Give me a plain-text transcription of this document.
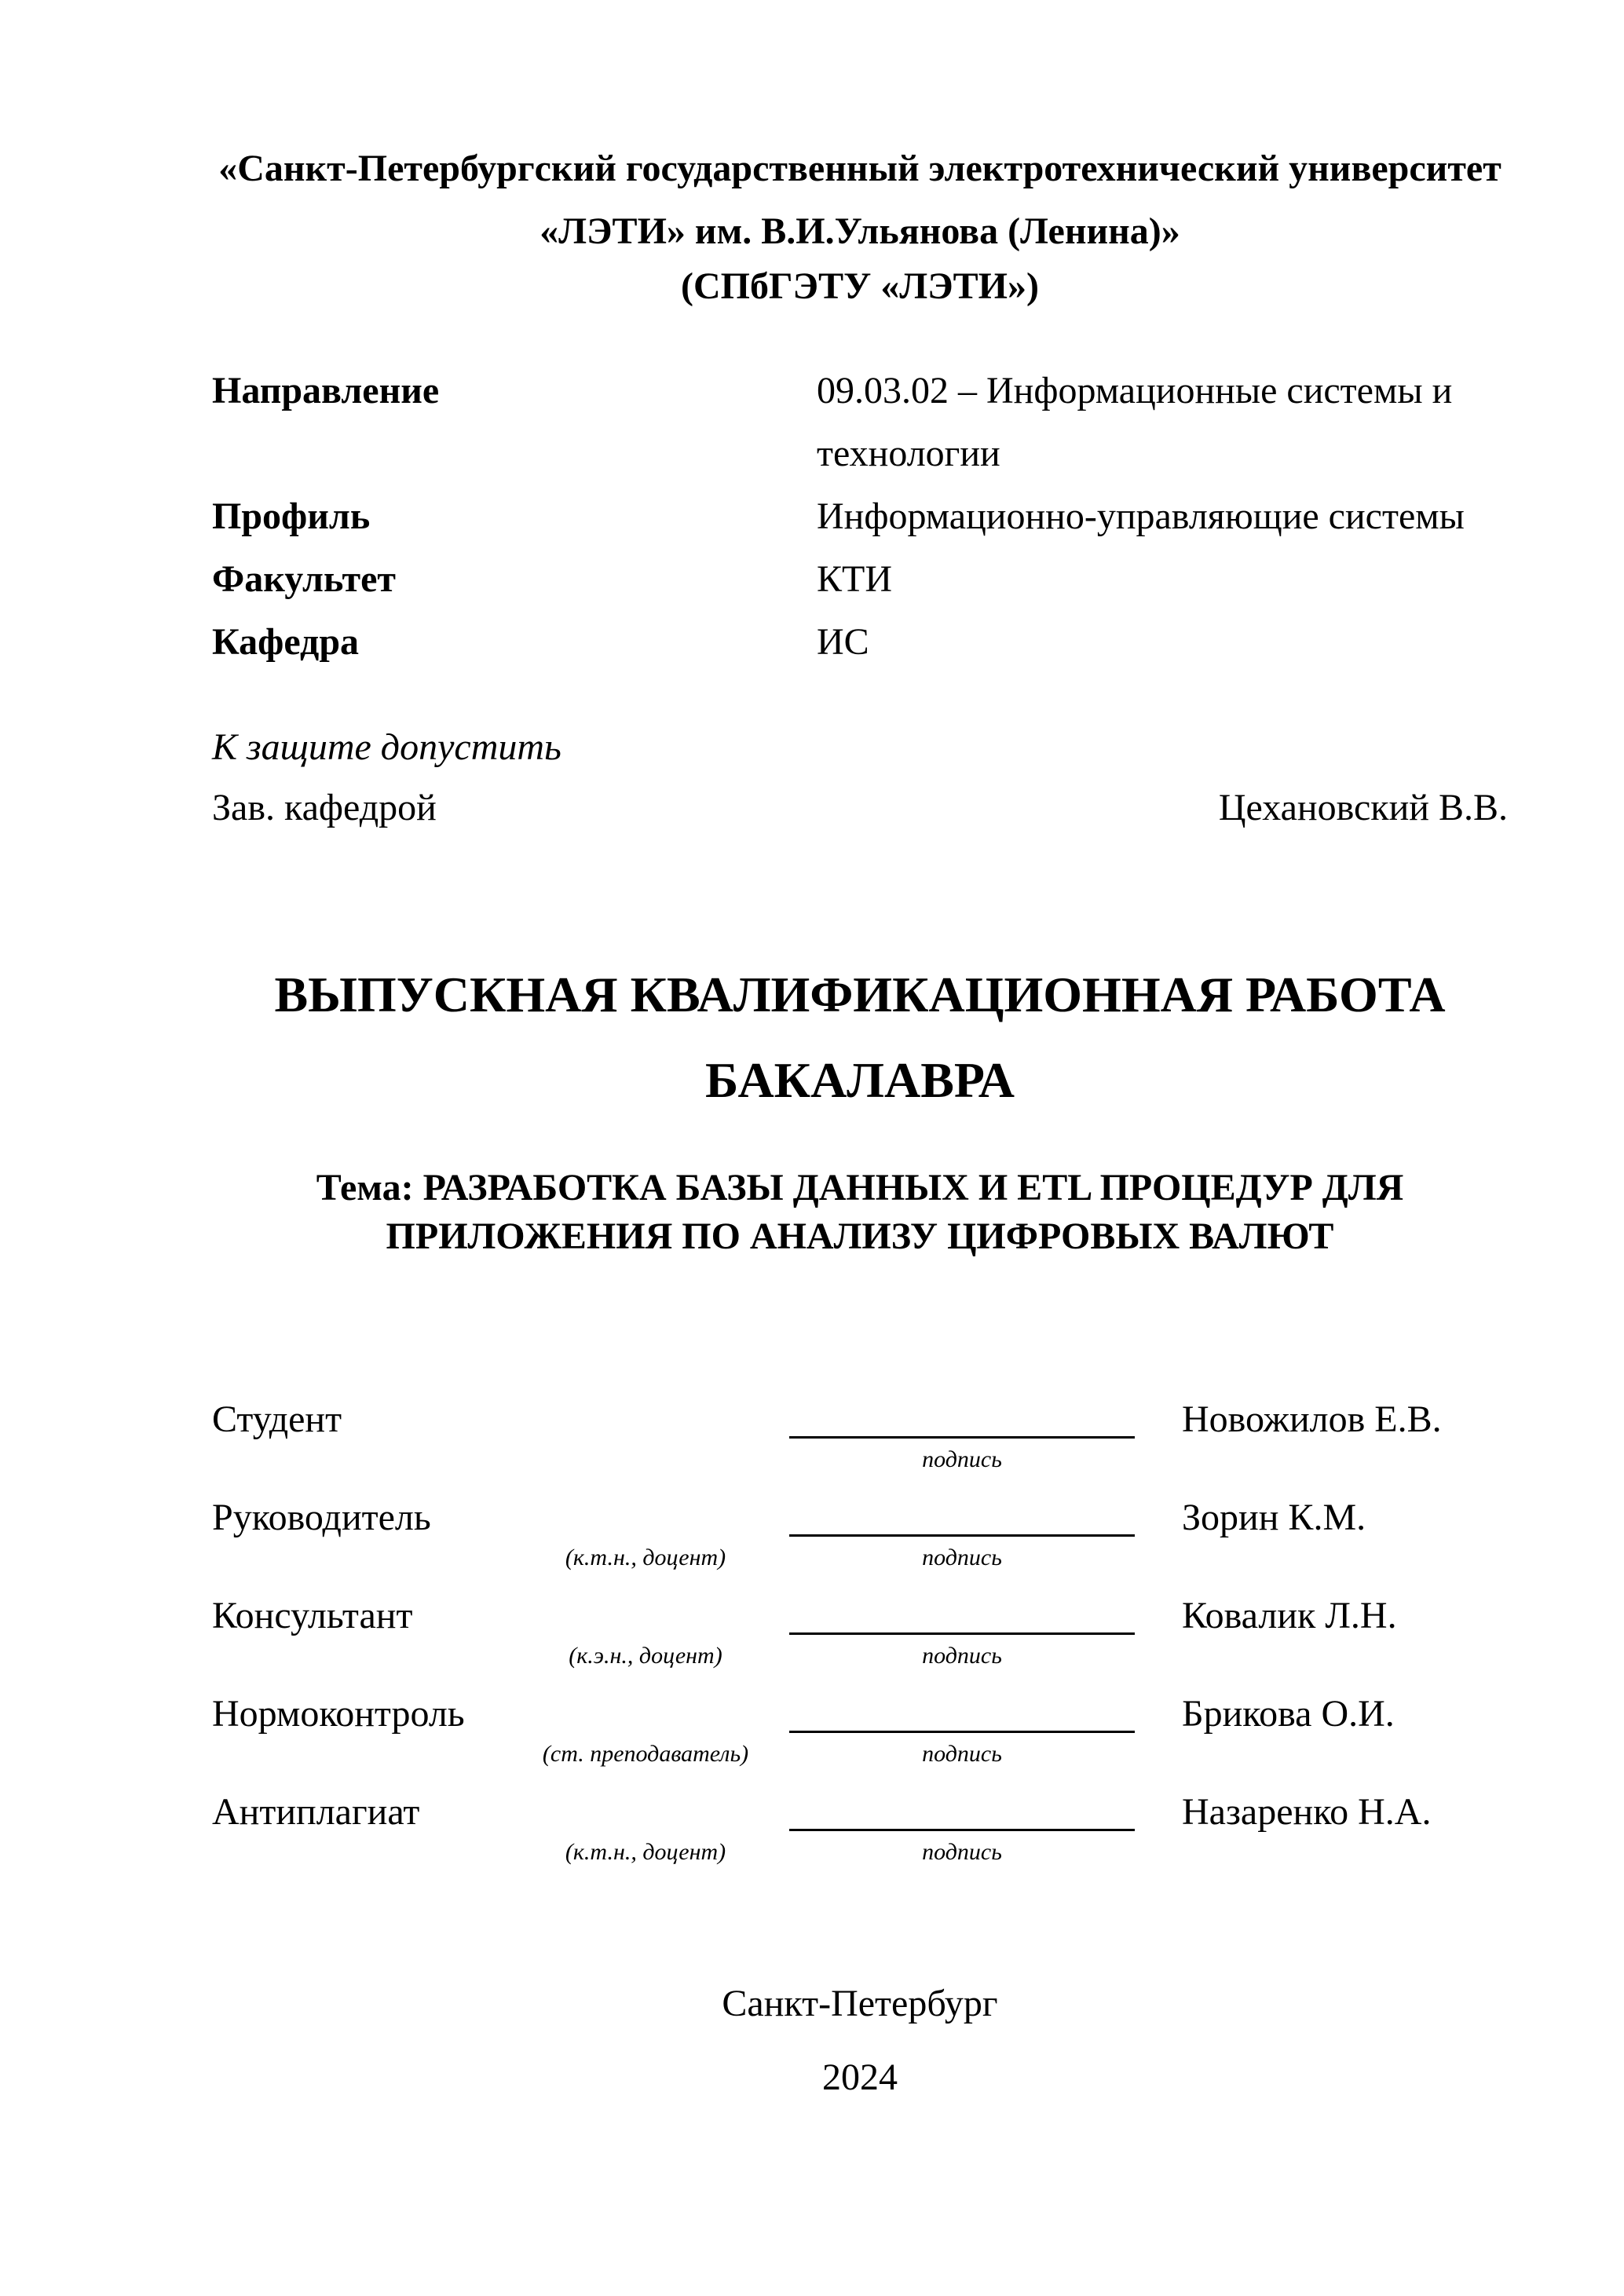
«Санкт-Петербургский государственный электротехнический университет
«ЛЭТИ» им. В.И.Ульянова (Ленина)»
(СПбГЭТУ «ЛЭТИ»)
Направление	09.03.02 – Информационные системы и технологии
Профиль	Информационно-управляющие системы
Факультет	КТИ
Кафедра	ИС
К защите допустить
Зав. кафедрой	Цехановский В.В.
ВЫПУСКНАЯ КВАЛИФИКАЦИОННАЯ РАБОТА
БАКАЛАВРА
Тема: РАЗРАБОТКА БАЗЫ ДАННЫХ И ETL ПРОЦЕДУР ДЛЯ
ПРИЛОЖЕНИЯ ПО АНАЛИЗУ ЦИФРОВЫХ ВАЛЮТ
Студент	Новожилов Е.В.
подпись
Руководитель	Зорин К.М.
(к.т.н., доцент)	подпись
Консультант	Ковалик Л.Н.
(к.э.н., доцент)	подпись
Нормоконтроль	Брикова О.И.
(ст. преподаватель)	подпись
Антиплагиат	Назаренко Н.А.
(к.т.н., доцент)	подпись
Санкт-Петербург
2024
